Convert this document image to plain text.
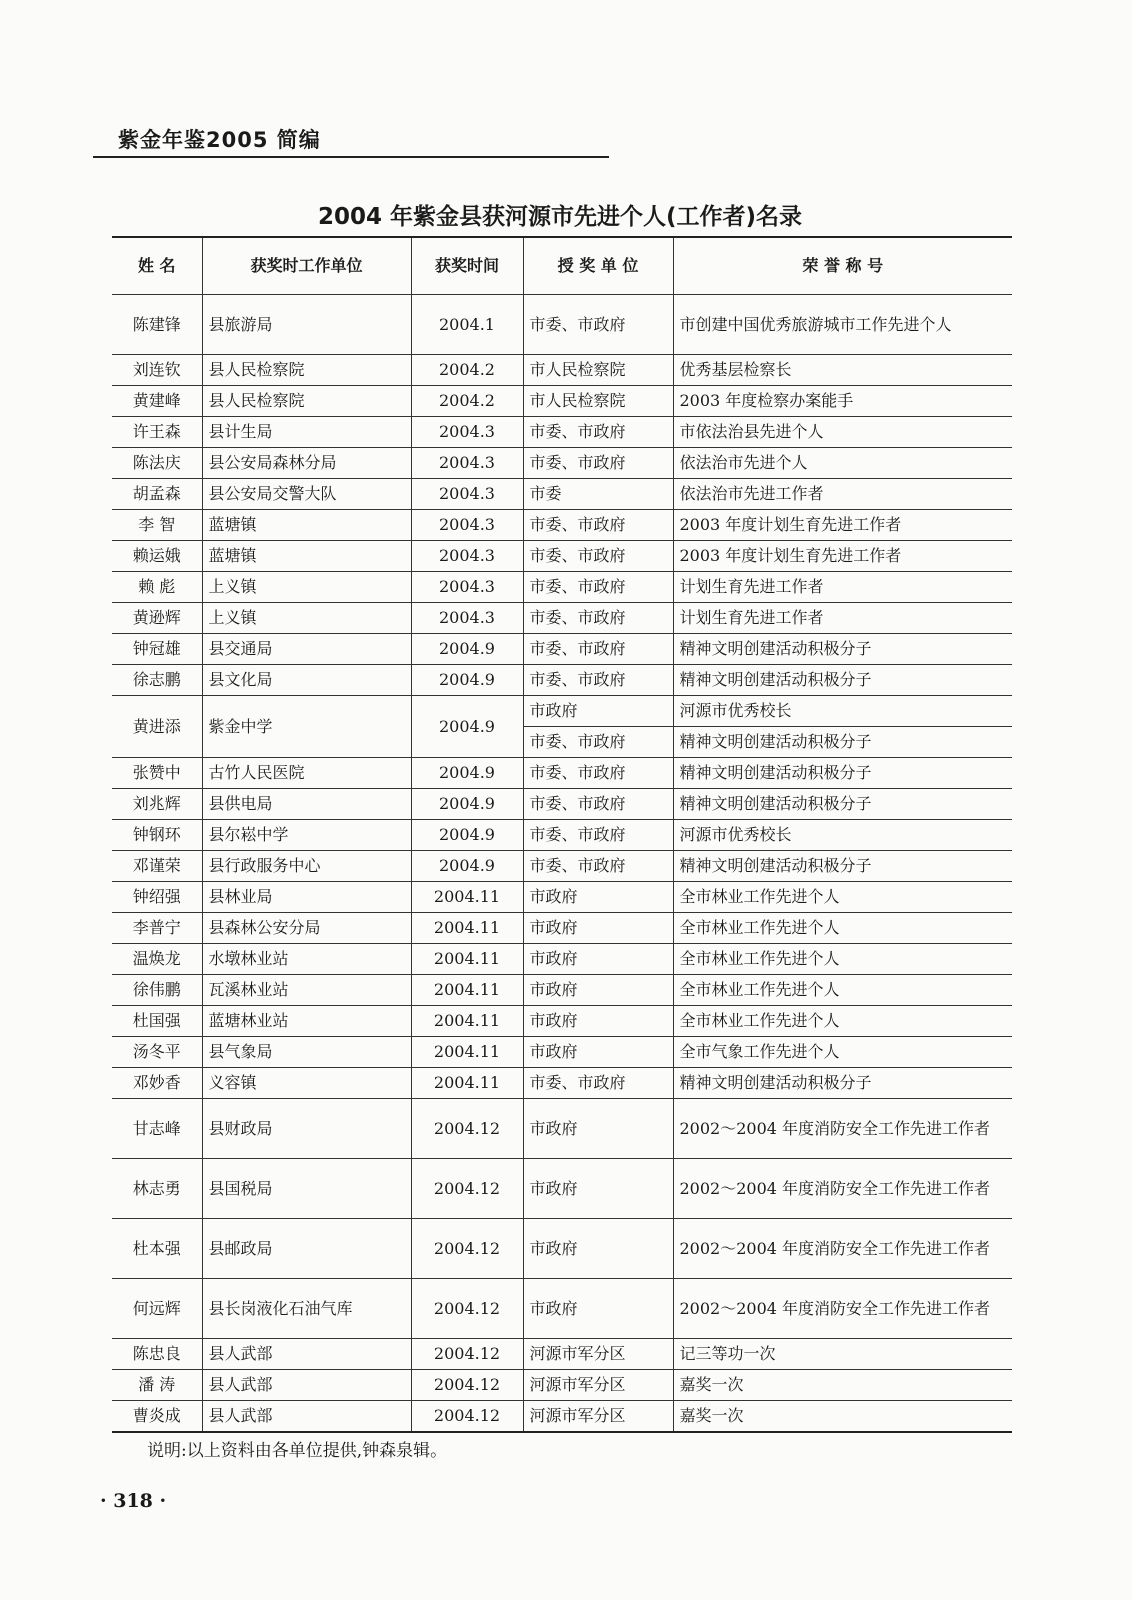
紫金年鉴2005 简编
2004 年紫金县获河源市先进个人(工作者)名录
姓 名	获奖时工作单位	获奖时间	授 奖 单 位	荣 誉 称 号
陈建锋	县旅游局	2004.1	市委、市政府	市创建中国优秀旅游城市工作先进个人
刘连钦	县人民检察院	2004.2	市人民检察院	优秀基层检察长
黄建峰	县人民检察院	2004.2	市人民检察院	2003 年度检察办案能手
许王森	县计生局	2004.3	市委、市政府	市依法治县先进个人
陈法庆	县公安局森林分局	2004.3	市委、市政府	依法治市先进个人
胡孟森	县公安局交警大队	2004.3	市委	依法治市先进工作者
李 智	蓝塘镇	2004.3	市委、市政府	2003 年度计划生育先进工作者
赖运娥	蓝塘镇	2004.3	市委、市政府	2003 年度计划生育先进工作者
赖 彪	上义镇	2004.3	市委、市政府	计划生育先进工作者
黄逊辉	上义镇	2004.3	市委、市政府	计划生育先进工作者
钟冠雄	县交通局	2004.9	市委、市政府	精神文明创建活动积极分子
徐志鹏	县文化局	2004.9	市委、市政府	精神文明创建活动积极分子
黄进添	紫金中学	2004.9	市政府	河源市优秀校长
			市委、市政府	精神文明创建活动积极分子
张赞中	古竹人民医院	2004.9	市委、市政府	精神文明创建活动积极分子
刘兆辉	县供电局	2004.9	市委、市政府	精神文明创建活动积极分子
钟钢环	县尔崧中学	2004.9	市委、市政府	河源市优秀校长
邓谨荣	县行政服务中心	2004.9	市委、市政府	精神文明创建活动积极分子
钟绍强	县林业局	2004.11	市政府	全市林业工作先进个人
李普宁	县森林公安分局	2004.11	市政府	全市林业工作先进个人
温焕龙	水墩林业站	2004.11	市政府	全市林业工作先进个人
徐伟鹏	瓦溪林业站	2004.11	市政府	全市林业工作先进个人
杜国强	蓝塘林业站	2004.11	市政府	全市林业工作先进个人
汤冬平	县气象局	2004.11	市政府	全市气象工作先进个人
邓妙香	义容镇	2004.11	市委、市政府	精神文明创建活动积极分子
甘志峰	县财政局	2004.12	市政府	2002～2004 年度消防安全工作先进工作者
林志勇	县国税局	2004.12	市政府	2002～2004 年度消防安全工作先进工作者
杜本强	县邮政局	2004.12	市政府	2002～2004 年度消防安全工作先进工作者
何远辉	县长岗液化石油气库	2004.12	市政府	2002～2004 年度消防安全工作先进工作者
陈忠良	县人武部	2004.12	河源市军分区	记三等功一次
潘 涛	县人武部	2004.12	河源市军分区	嘉奖一次
曹炎成	县人武部	2004.12	河源市军分区	嘉奖一次
说明:以上资料由各单位提供,钟森泉辑。
· 318 ·
